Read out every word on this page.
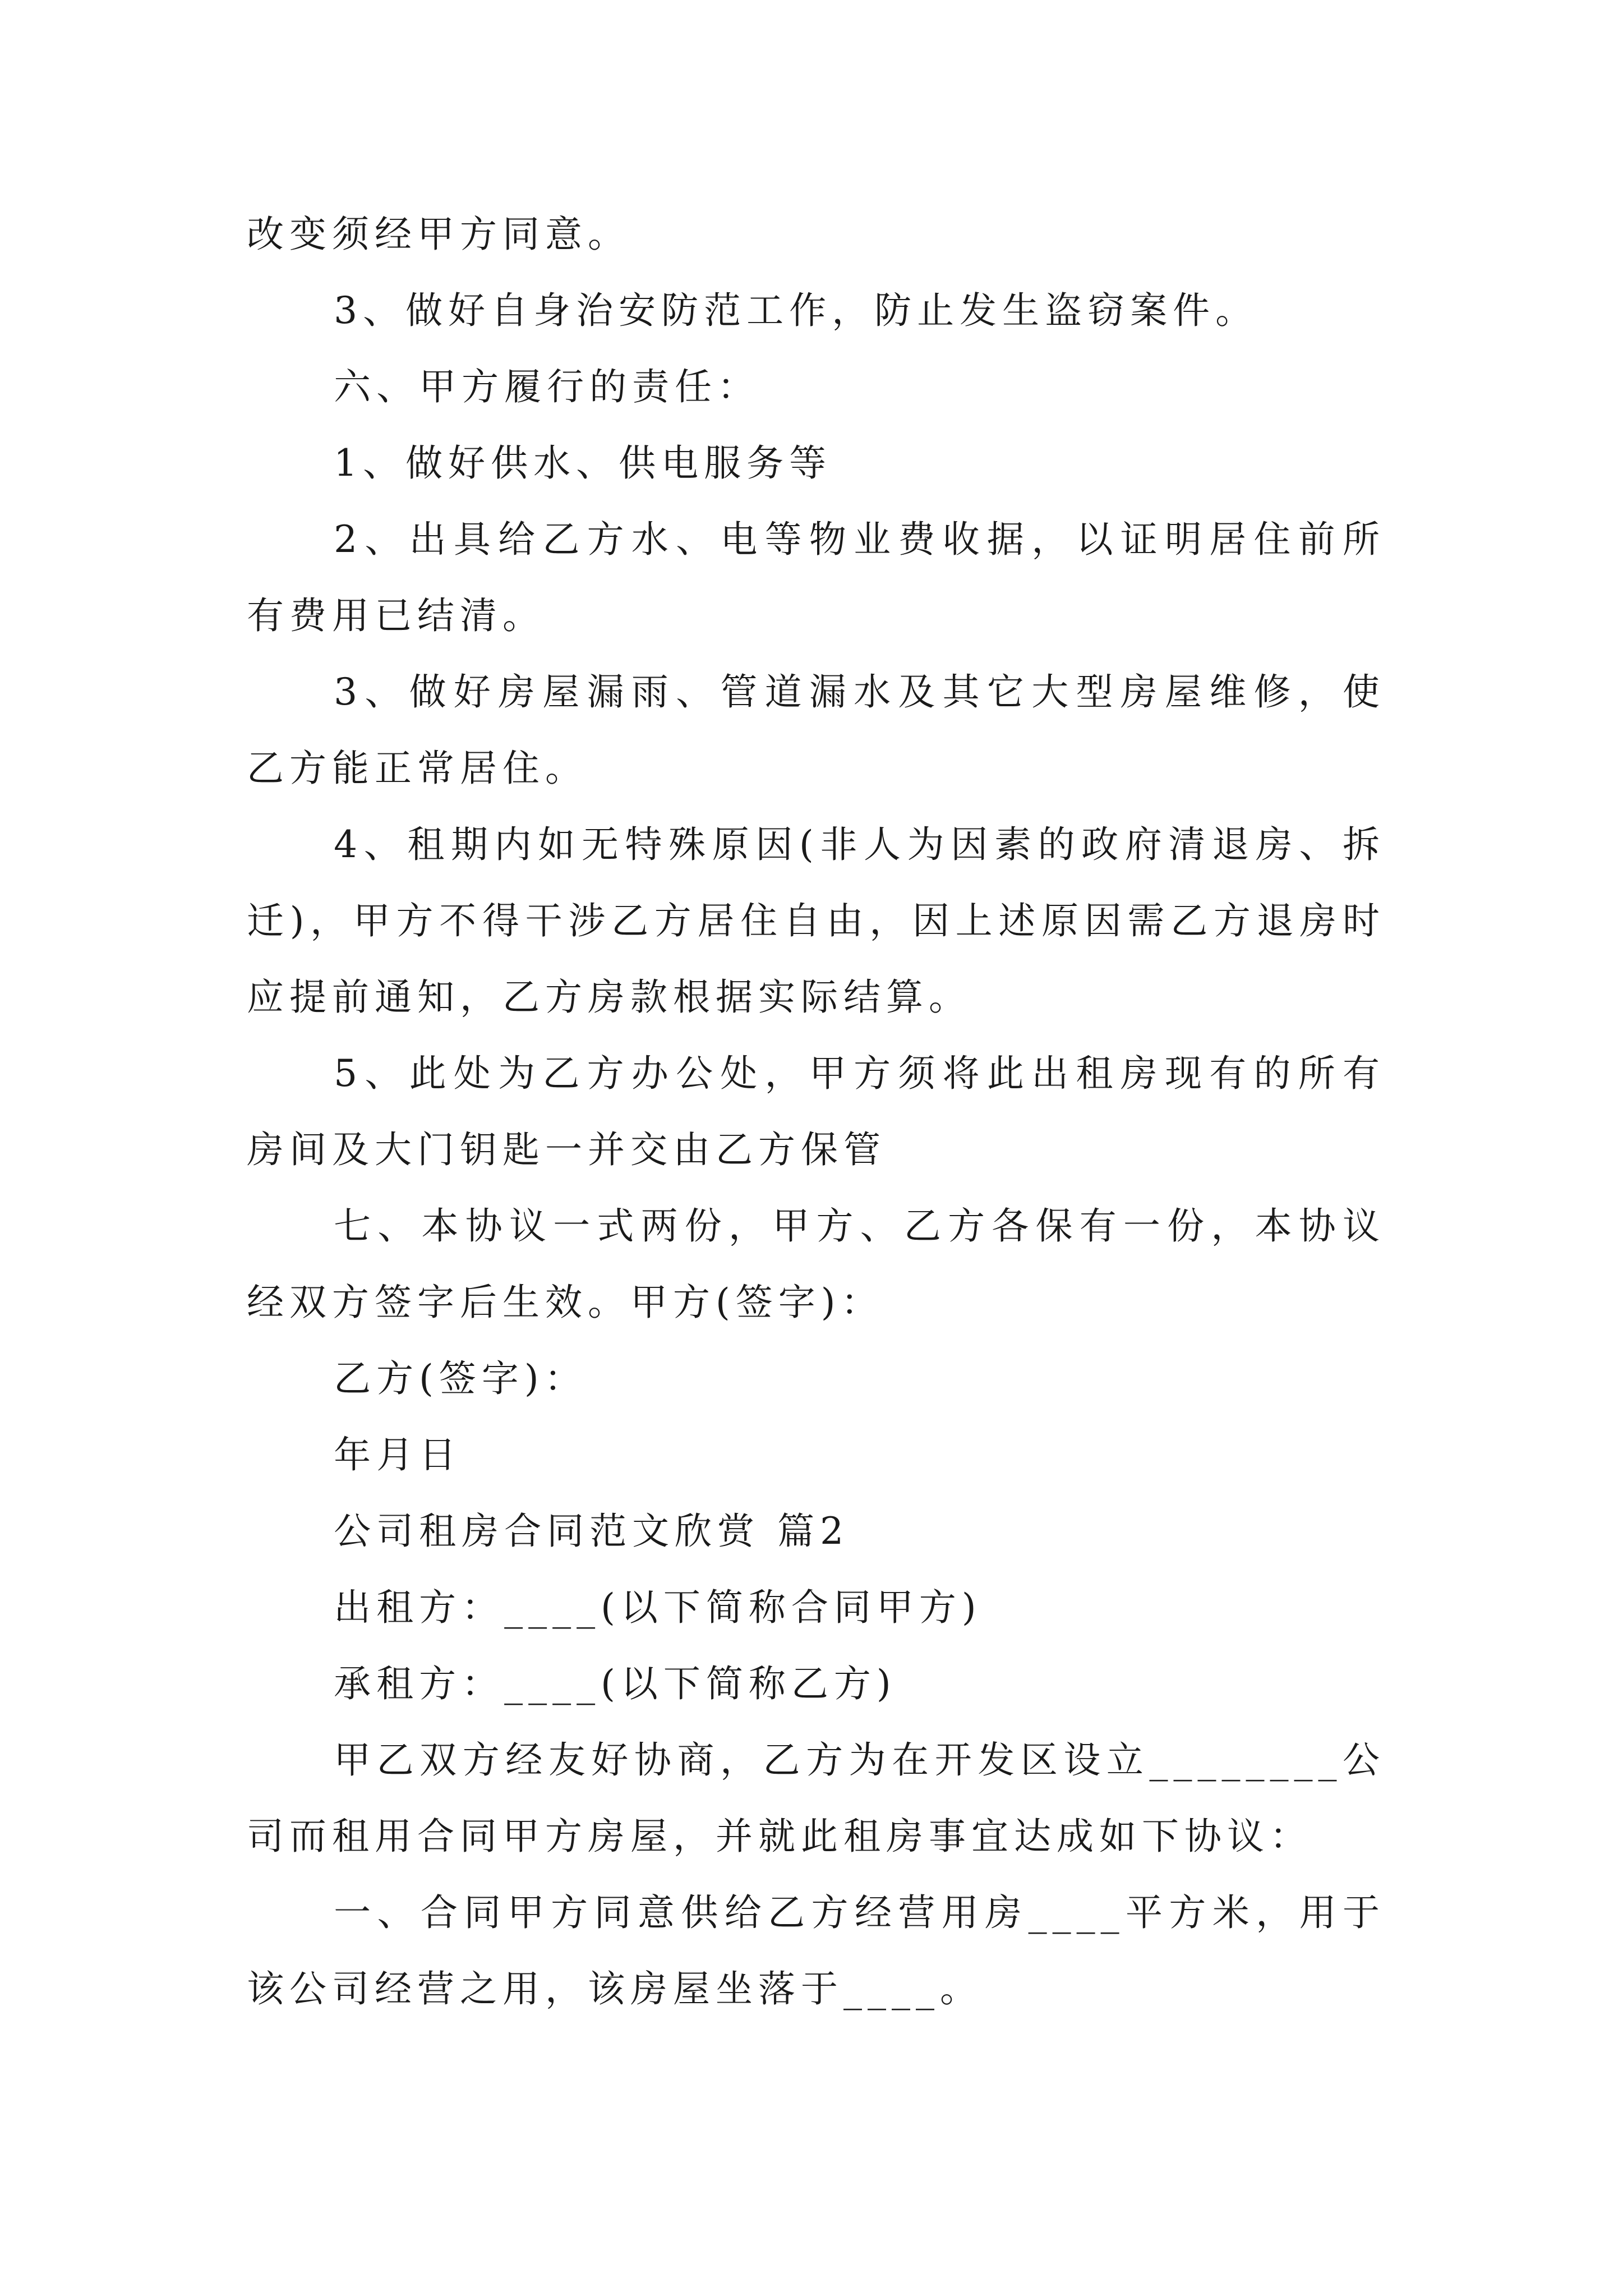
改变须经甲方同意。

3、做好自身治安防范工作，防止发生盗窃案件。

六、甲方履行的责任：

1、做好供水、供电服务等

2、出具给乙方水、电等物业费收据，以证明居住前所有费用已结清。

3、做好房屋漏雨、管道漏水及其它大型房屋维修，使乙方能正常居住。

4、租期内如无特殊原因(非人为因素的政府清退房、拆迁)，甲方不得干涉乙方居住自由，因上述原因需乙方退房时应提前通知，乙方房款根据实际结算。

5、此处为乙方办公处，甲方须将此出租房现有的所有房间及大门钥匙一并交由乙方保管

七、本协议一式两份，甲方、乙方各保有一份，本协议经双方签字后生效。甲方(签字)：

乙方(签字)：

年月日

公司租房合同范文欣赏 篇2

出租方：____(以下简称合同甲方)

承租方：____(以下简称乙方)

甲乙双方经友好协商，乙方为在开发区设立________公司而租用合同甲方房屋，并就此租房事宜达成如下协议：

一、合同甲方同意供给乙方经营用房____平方米，用于该公司经营之用，该房屋坐落于____。
